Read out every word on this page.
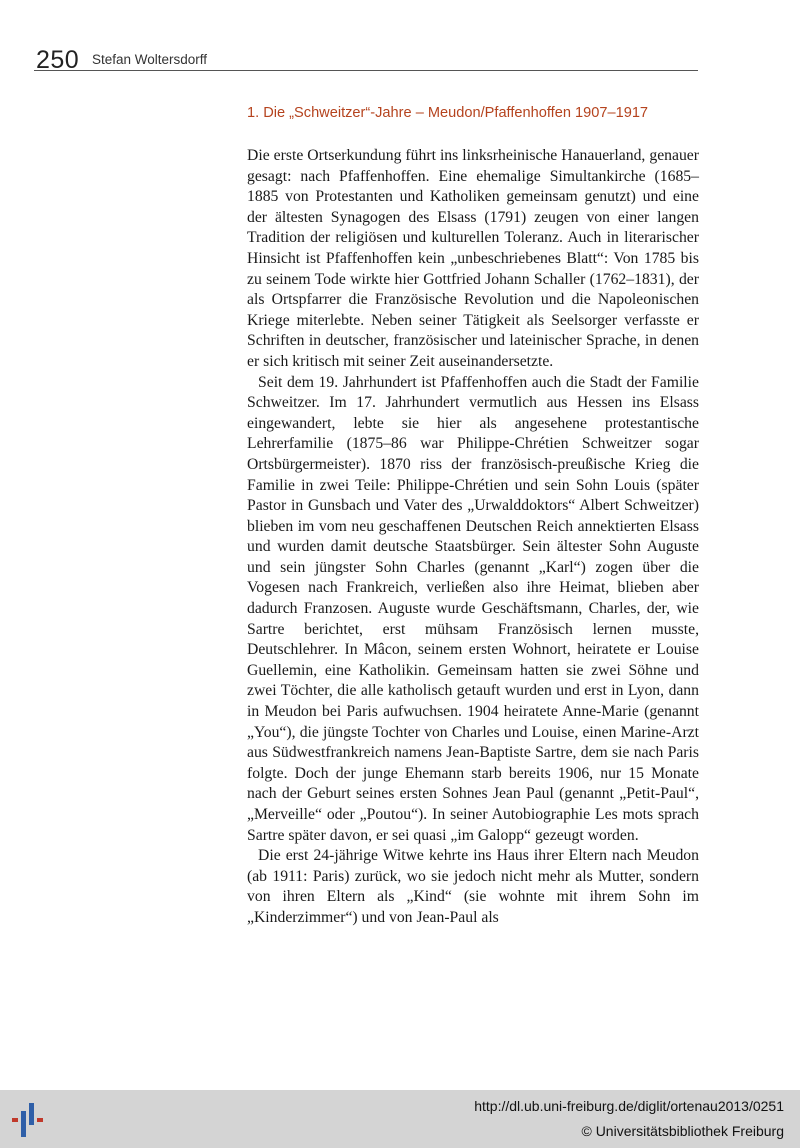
250 Stefan Woltersdorff
1. Die „Schweitzer“-Jahre – Meudon/Pfaffenhoffen 1907–1917

Die erste Ortserkundung führt ins linksrheinische Hanauerland, genauer gesagt: nach Pfaffenhoffen. Eine ehemalige Simultankirche (1685–1885 von Protestanten und Katholiken gemeinsam genutzt) und eine der ältesten Synagogen des Elsass (1791) zeugen von einer langen Tradition der religiösen und kulturellen Toleranz. Auch in literarischer Hinsicht ist Pfaffenhoffen kein „unbeschriebenes Blatt“: Von 1785 bis zu seinem Tode wirkte hier Gottfried Johann Schaller (1762–1831), der als Ortspfarrer die Französische Revolution und die Napoleonischen Kriege miterlebte. Neben seiner Tätigkeit als Seelsorger verfasste er Schriften in deutscher, französischer und lateinischer Sprache, in denen er sich kritisch mit seiner Zeit auseinandersetzte.

Seit dem 19. Jahrhundert ist Pfaffenhoffen auch die Stadt der Familie Schweitzer. Im 17. Jahrhundert vermutlich aus Hessen ins Elsass eingewandert, lebte sie hier als angesehene protestantische Lehrerfamilie (1875–86 war Philippe-Chrétien Schweitzer sogar Ortsbürgermeister). 1870 riss der französisch-preußische Krieg die Familie in zwei Teile: Philippe-Chrétien und sein Sohn Louis (später Pastor in Gunsbach und Vater des „Urwalddoktors“ Albert Schweitzer) blieben im vom neu geschaffenen Deutschen Reich annektierten Elsass und wurden damit deutsche Staatsbürger. Sein ältester Sohn Auguste und sein jüngster Sohn Charles (genannt „Karl“) zogen über die Vogesen nach Frankreich, verließen also ihre Heimat, blieben aber dadurch Franzosen. Auguste wurde Geschäftsmann, Charles, der, wie Sartre berichtet, erst mühsam Französisch lernen musste, Deutschlehrer. In Mâcon, seinem ersten Wohnort, heiratete er Louise Guellemin, eine Katholikin. Gemeinsam hatten sie zwei Söhne und zwei Töchter, die alle katholisch getauft wurden und erst in Lyon, dann in Meudon bei Paris aufwuchsen. 1904 heiratete Anne-Marie (genannt „You“), die jüngste Tochter von Charles und Louise, einen Marine-Arzt aus Südwestfrankreich namens Jean-Baptiste Sartre, dem sie nach Paris folgte. Doch der junge Ehemann starb bereits 1906, nur 15 Monate nach der Geburt seines ersten Sohnes Jean Paul (genannt „Petit-Paul“, „Merveille“ oder „Poutou“). In seiner Autobiographie Les mots sprach Sartre später davon, er sei quasi „im Galopp“ gezeugt worden.

Die erst 24-jährige Witwe kehrte ins Haus ihrer Eltern nach Meudon (ab 1911: Paris) zurück, wo sie jedoch nicht mehr als Mutter, sondern von ihren Eltern als „Kind“ (sie wohnte mit ihrem Sohn im „Kinderzimmer“) und von Jean-Paul als

http://dl.ub.uni-freiburg.de/diglit/ortenau2013/0251
© Universitätsbibliothek Freiburg
